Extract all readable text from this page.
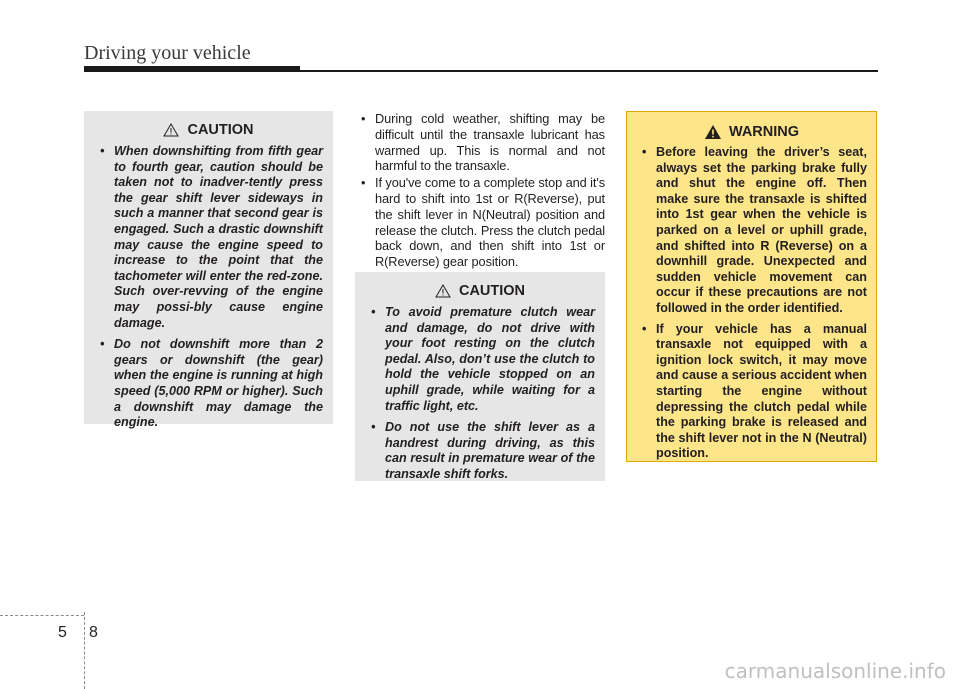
Driving your vehicle
CAUTION
• When downshifting from fifth gear to fourth gear, caution should be taken not to inadver-tently press the gear shift lever sideways in such a manner that second gear is engaged. Such a drastic downshift may cause the engine speed to increase to the point that the tachometer will enter the red-zone. Such over-revving of the engine may possi-bly cause engine damage.
• Do not downshift more than 2 gears or downshift (the gear) when the engine is running at high speed (5,000 RPM or higher). Such a downshift may damage the engine.
• During cold weather, shifting may be difficult until the transaxle lubricant has warmed up. This is normal and not harmful to the transaxle.
• If you've come to a complete stop and it's hard to shift into 1st or R(Reverse), put the shift lever in N(Neutral) position and release the clutch. Press the clutch pedal back down, and then shift into 1st or R(Reverse) gear position.
CAUTION
• To avoid premature clutch wear and damage, do not drive with your foot resting on the clutch pedal. Also, don’t use the clutch to hold the vehicle stopped on an uphill grade, while waiting for a traffic light, etc.
• Do not use the shift lever as a handrest during driving, as this can result in premature wear of the transaxle shift forks.
WARNING
• Before leaving the driver’s seat, always set the parking brake fully and shut the engine off. Then make sure the transaxle is shifted into 1st gear when the vehicle is parked on a level or uphill grade, and shifted into R (Reverse) on a downhill grade. Unexpected and sudden vehicle movement can occur if these precautions are not followed in the order identified.
• If your vehicle has a manual transaxle not equipped with a ignition lock switch, it may move and cause a serious accident when starting the engine without depressing the clutch pedal while the parking brake is released and the shift lever not in the N (Neutral) position.
5 8
carmanualsonline.info
